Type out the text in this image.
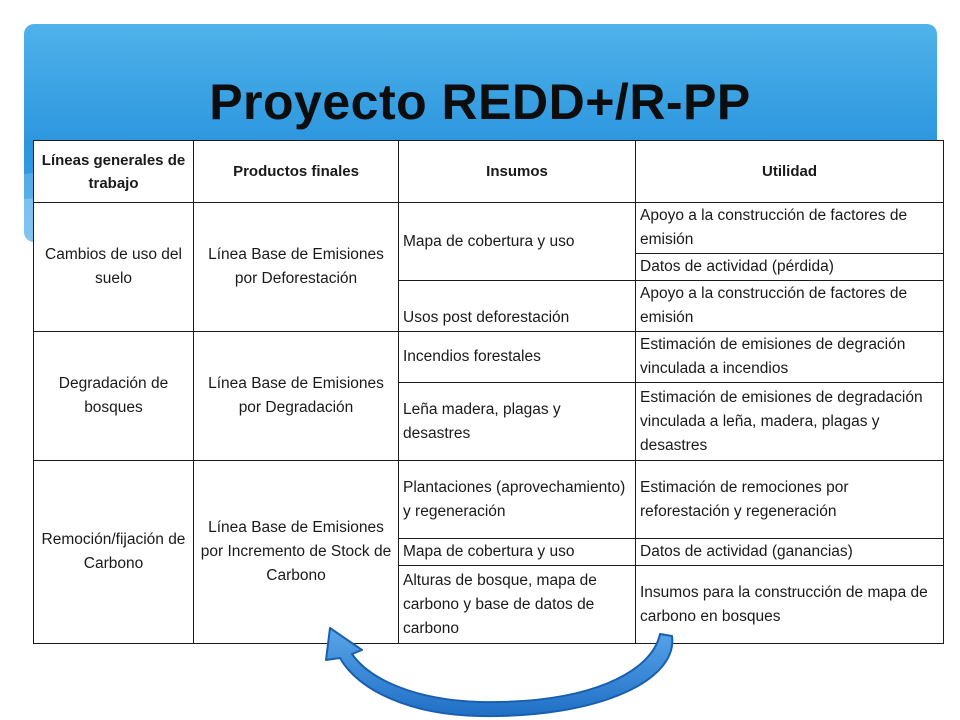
Proyecto REDD+/R-PP
Líneas generales de trabajo	Productos finales	Insumos	Utilidad
Cambios de uso del suelo	Línea Base de Emisiones por Deforestación	Mapa de cobertura y uso	Apoyo a la construcción de factores de emisión
			Datos de actividad (pérdida)
		Usos post deforestación	Apoyo a la construcción de factores de emisión
Degradación de bosques	Línea Base de Emisiones por Degradación	Incendios forestales	Estimación de emisiones de degración vinculada a incendios
		Leña madera, plagas y desastres	Estimación de emisiones de degradación vinculada a leña, madera, plagas y desastres
Remoción/fijación de Carbono	Línea Base de Emisiones por Incremento de Stock de Carbono	Plantaciones (aprovechamiento) y regeneración	Estimación de remociones por reforestación y regeneración
		Mapa de cobertura y uso	Datos de actividad (ganancias)
		Alturas de bosque, mapa de carbono y base de datos de carbono	Insumos para la construcción de mapa de carbono en bosques
